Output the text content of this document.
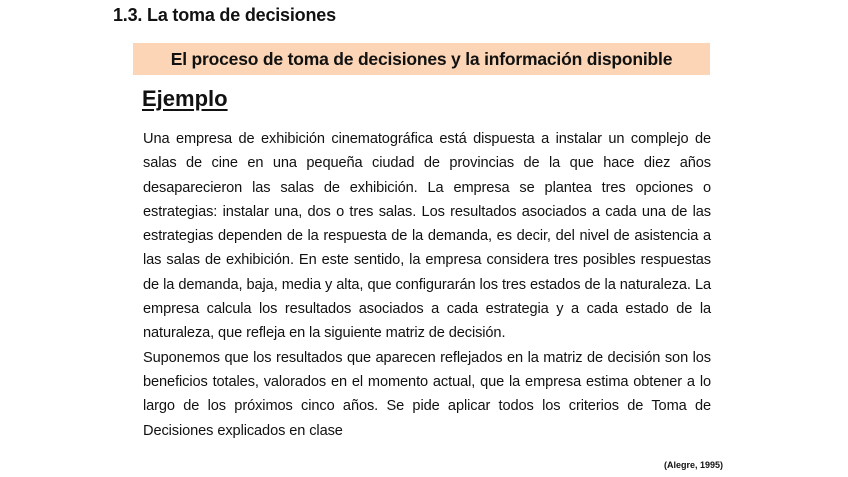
1.3. La toma de decisiones
El proceso de toma de decisiones y la información disponible
Ejemplo

Una empresa de exhibición cinematográfica está dispuesta a instalar un complejo de salas de cine en una pequeña ciudad de provincias de la que hace diez años desaparecieron las salas de exhibición. La empresa se plantea tres opciones o estrategias: instalar una, dos o tres salas. Los resultados asociados a cada una de las estrategias dependen de la respuesta de la demanda, es decir, del nivel de asistencia a las salas de exhibición. En este sentido, la empresa considera tres posibles respuestas de la demanda, baja, media y alta, que configurarán los tres estados de la naturaleza. La empresa calcula los resultados asociados a cada estrategia y a cada estado de la naturaleza, que refleja en la siguiente matriz de decisión.

Suponemos que los resultados que aparecen reflejados en la matriz de decisión son los beneficios totales, valorados en el momento actual, que la empresa estima obtener a lo largo de los próximos cinco años. Se pide aplicar todos los criterios de Toma de Decisiones explicados en clase

(Alegre, 1995)
